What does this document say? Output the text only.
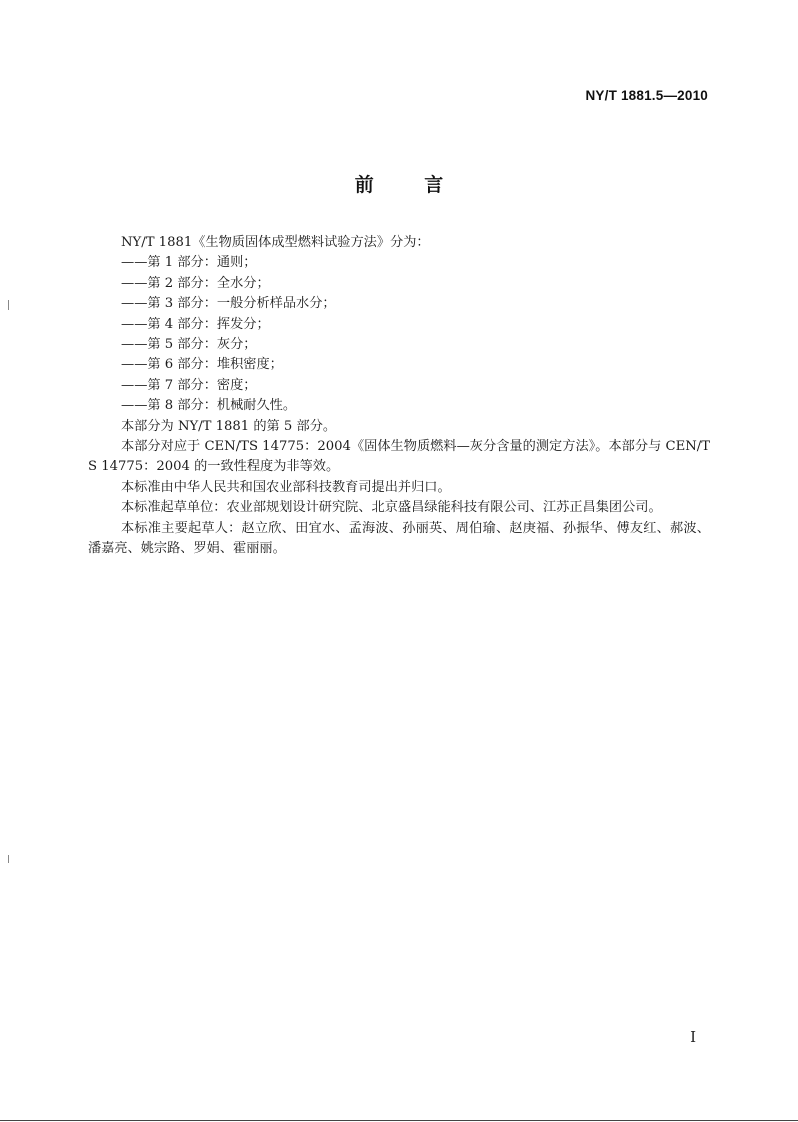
NY/T 1881.5—2010
前 言

NY/T 1881《生物质固体成型燃料试验方法》分为：

——第 1 部分：通则；

——第 2 部分：全水分；

——第 3 部分：一般分析样品水分；

——第 4 部分：挥发分；

——第 5 部分：灰分；

——第 6 部分：堆积密度；

——第 7 部分：密度；

——第 8 部分：机械耐久性。

本部分为 NY/T 1881 的第 5 部分。

本部分对应于 CEN/TS 14775：2004《固体生物质燃料—灰分含量的测定方法》。本部分与 CEN/TS 14775：2004 的一致性程度为非等效。

本标准由中华人民共和国农业部科技教育司提出并归口。

本标准起草单位：农业部规划设计研究院、北京盛昌绿能科技有限公司、江苏正昌集团公司。

本标准主要起草人：赵立欣、田宜水、孟海波、孙丽英、周伯瑜、赵庚福、孙振华、傅友红、郝波、潘嘉亮、姚宗路、罗娟、霍丽丽。

I
